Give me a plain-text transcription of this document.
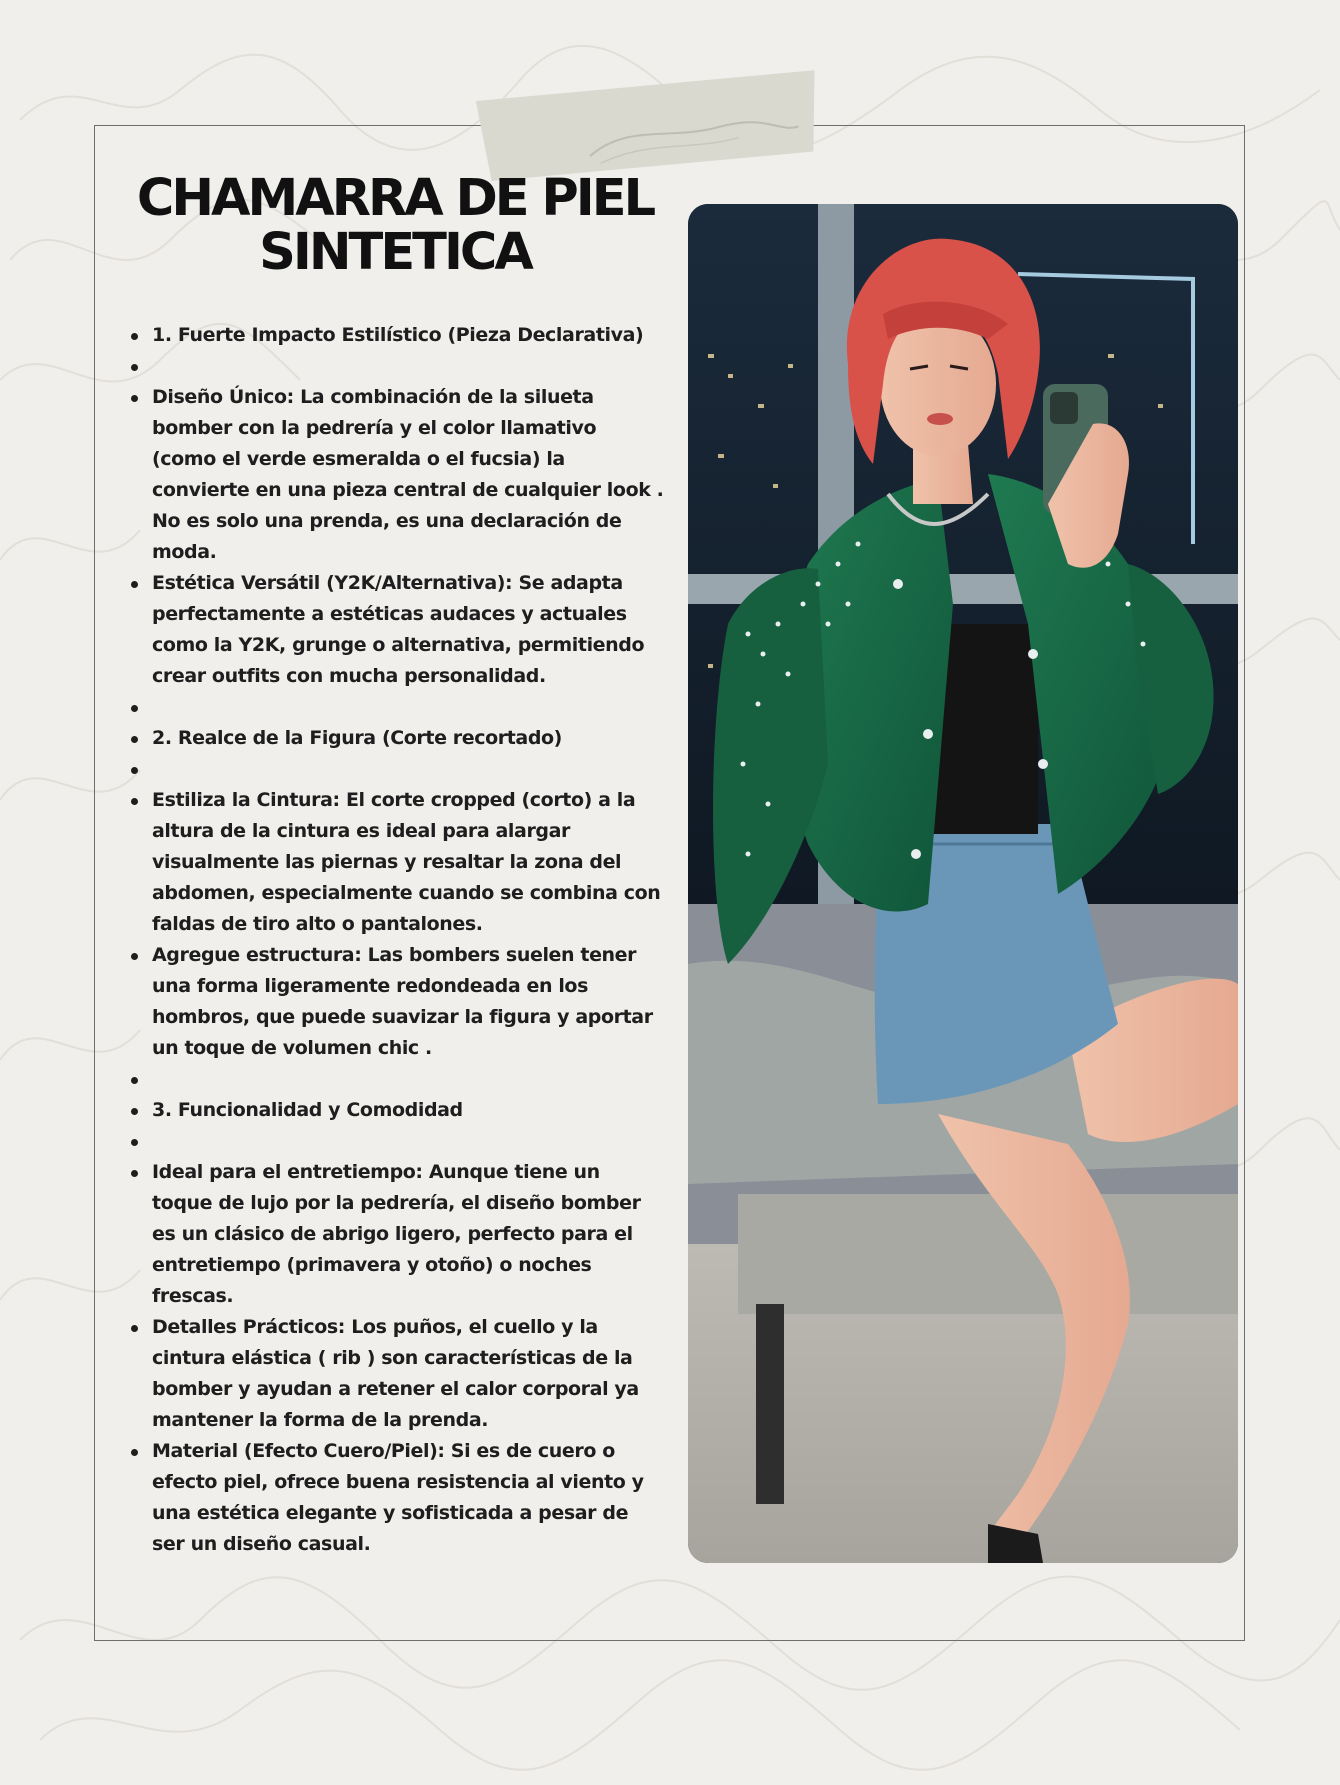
CHAMARRA DE PIEL SINTETICA
1. Fuerte Impacto Estilístico (Pieza Declarativa)
Diseño Único: La combinación de la silueta bomber con la pedrería y el color llamativo (como el verde esmeralda o el fucsia) la convierte en una pieza central de cualquier look . No es solo una prenda, es una declaración de moda.
Estética Versátil (Y2K/Alternativa): Se adapta perfectamente a estéticas audaces y actuales como la Y2K, grunge o alternativa, permitiendo crear outfits con mucha personalidad.
2. Realce de la Figura (Corte recortado)
Estiliza la Cintura: El corte cropped (corto) a la altura de la cintura es ideal para alargar visualmente las piernas y resaltar la zona del abdomen, especialmente cuando se combina con faldas de tiro alto o pantalones.
Agregue estructura: Las bombers suelen tener una forma ligeramente redondeada en los hombros, que puede suavizar la figura y aportar un toque de volumen chic .
3. Funcionalidad y Comodidad
Ideal para el entretiempo: Aunque tiene un toque de lujo por la pedrería, el diseño bomber es un clásico de abrigo ligero, perfecto para el entretiempo (primavera y otoño) o noches frescas.
Detalles Prácticos: Los puños, el cuello y la cintura elástica ( rib ) son características de la bomber y ayudan a retener el calor corporal ya mantener la forma de la prenda.
Material (Efecto Cuero/Piel): Si es de cuero o efecto piel, ofrece buena resistencia al viento y una estética elegante y sofisticada a pesar de ser un diseño casual.
